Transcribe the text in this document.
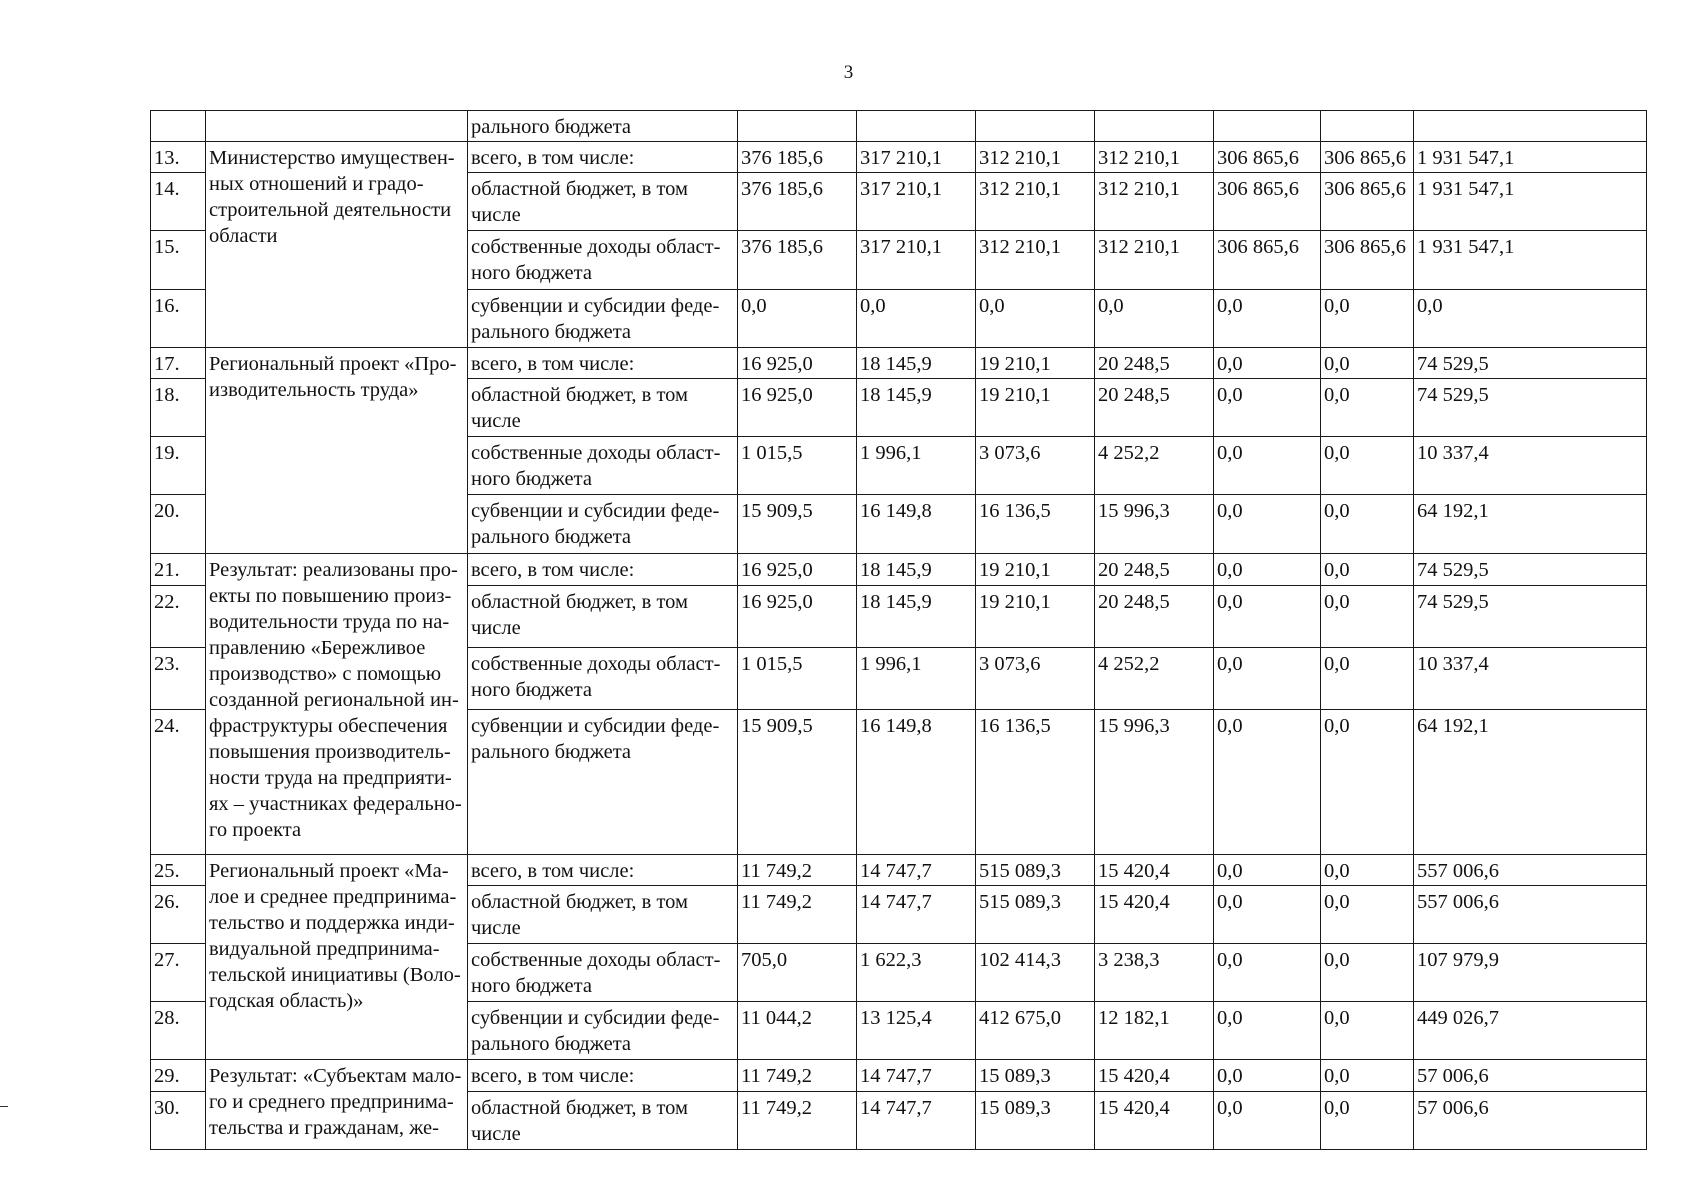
3
		рального бюджета							
13.	Министерство имуществен-ных отношений и градо-строительной деятельности области	всего, в том числе:	376 185,6	317 210,1	312 210,1	312 210,1	306 865,6	306 865,6	1 931 547,1
14.		областной бюджет, в том числе	376 185,6	317 210,1	312 210,1	312 210,1	306 865,6	306 865,6	1 931 547,1
15.		собственные доходы област-ного бюджета	376 185,6	317 210,1	312 210,1	312 210,1	306 865,6	306 865,6	1 931 547,1
16.		субвенции и субсидии феде-рального бюджета	0,0	0,0	0,0	0,0	0,0	0,0	0,0
17.	Региональный проект «Про-изводительность труда»	всего, в том числе:	16 925,0	18 145,9	19 210,1	20 248,5	0,0	0,0	74 529,5
18.		областной бюджет, в том числе	16 925,0	18 145,9	19 210,1	20 248,5	0,0	0,0	74 529,5
19.		собственные доходы област-ного бюджета	1 015,5	1 996,1	3 073,6	4 252,2	0,0	0,0	10 337,4
20.		субвенции и субсидии феде-рального бюджета	15 909,5	16 149,8	16 136,5	15 996,3	0,0	0,0	64 192,1
21.	Результат: реализованы про-екты по повышению произ-водительности труда по на-правлению «Бережливое производство» с помощью созданной региональной ин-фраструктуры обеспечения повышения производитель-ности труда на предприяти-ях – участниках федерально-го проекта	всего, в том числе:	16 925,0	18 145,9	19 210,1	20 248,5	0,0	0,0	74 529,5
22.		областной бюджет, в том числе	16 925,0	18 145,9	19 210,1	20 248,5	0,0	0,0	74 529,5
23.		собственные доходы област-ного бюджета	1 015,5	1 996,1	3 073,6	4 252,2	0,0	0,0	10 337,4
24.		субвенции и субсидии феде-рального бюджета	15 909,5	16 149,8	16 136,5	15 996,3	0,0	0,0	64 192,1
25.	Региональный проект «Ма-лое и среднее предпринима-тельство и поддержка инди-видуальной предпринима-тельской инициативы (Воло-годская область)»	всего, в том числе:	11 749,2	14 747,7	515 089,3	15 420,4	0,0	0,0	557 006,6
26.		областной бюджет, в том числе	11 749,2	14 747,7	515 089,3	15 420,4	0,0	0,0	557 006,6
27.		собственные доходы област-ного бюджета	705,0	1 622,3	102 414,3	3 238,3	0,0	0,0	107 979,9
28.		субвенции и субсидии феде-рального бюджета	11 044,2	13 125,4	412 675,0	12 182,1	0,0	0,0	449 026,7
29.	Результат: «Субъектам мало-го и среднего предпринима-тельства и гражданам, же-	всего, в том числе:	11 749,2	14 747,7	15 089,3	15 420,4	0,0	0,0	57 006,6
30.		областной бюджет, в том числе	11 749,2	14 747,7	15 089,3	15 420,4	0,0	0,0	57 006,6
